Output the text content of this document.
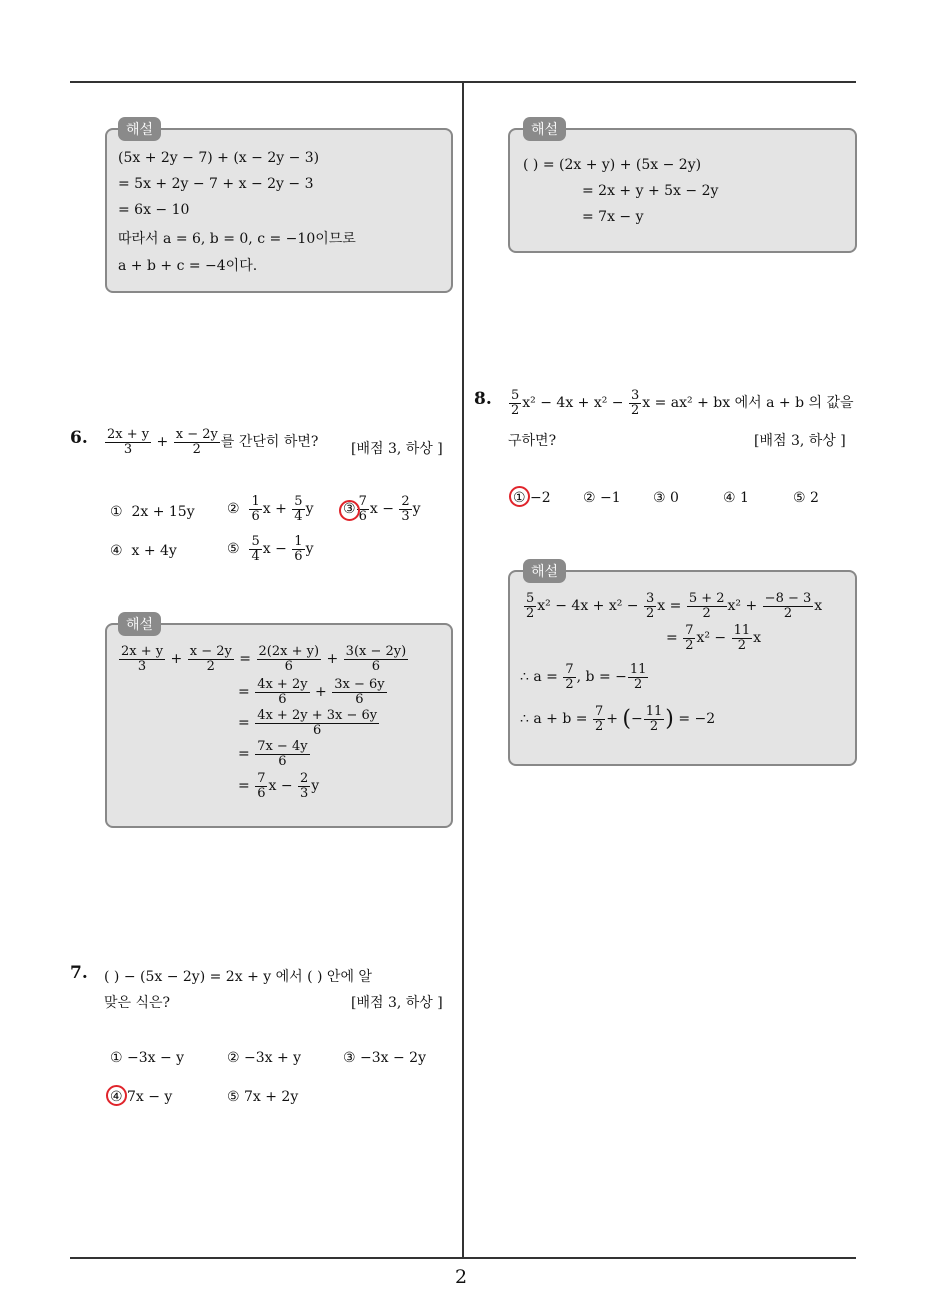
2
해설
(5x + 2y − 7) + (x − 2y − 3)
= 5x + 2y − 7 + x − 2y − 3
= 6x − 10
따라서 a = 6, b = 0, c = −10이므로
a + b + c = −4이다.
6. $\frac{2x + y}{3} + \frac{x - 2y}{2}$ 를 간단히 하면? [배점 3, 하상 ]
① 2x + 15y ② $\frac{1}{6}$ $x + \frac{5}{4}$ y ③ $\frac{7}{6}$ $x - \frac{2}{3}$ y
④ x + 4y	⑤ $\frac{5}{4}$ $x - \frac{1}{6}$ y
해설
$\frac{2x + y}{3} + \frac{x - 2y}{2} = \frac{2(2x + y)}{6} + \frac{3(x - 2y)}{6}$
= $\frac{4x + 2y}{6} + \frac{3x - 6y}{6}$
= $\frac{4x + 2y + 3x - 6y}{6}$
= $\frac{7x - 4y}{6}$
= $\frac{7}{6}$ $x - \frac{2}{3}$ y
7. ( ) − (5x − 2y) = 2x + y 에서 ( ) 안에 알
맞은 식은?	[배점 3, 하상 ]
① −3x − y	② −3x + y	③ −3x − 2y
④ 7x − y	⑤ 7x + 2y
해설
( ) = (2x + y) + (5x − 2y)
= 2x + y + 5x − 2y
= 7x − y
8. $\frac{5}{2} x^2 - 4x + x^2 - \frac{3}{2}$ x = ax² + bx 에서 a + b 의 값을
구하면?	[배점 3, 하상 ]
① −2 ② −1 ③ 0	④ 1	⑤ 2
해설
$\frac{5}{2} x^2 - 4x + x^2 - \frac{3}{2}$ $x = \frac{5 + 2}{2} x^2 + \frac{-8 - 3}{2}$ x
= $\frac{7}{2} x^2 - \frac{11}{2}$ x
∴ $a = \frac{7}{2}$ , b = − $\frac{11}{2}$
∴ $a + b = \frac{7}{2}$ + (− $\frac{11}{2}$ ) = −2
